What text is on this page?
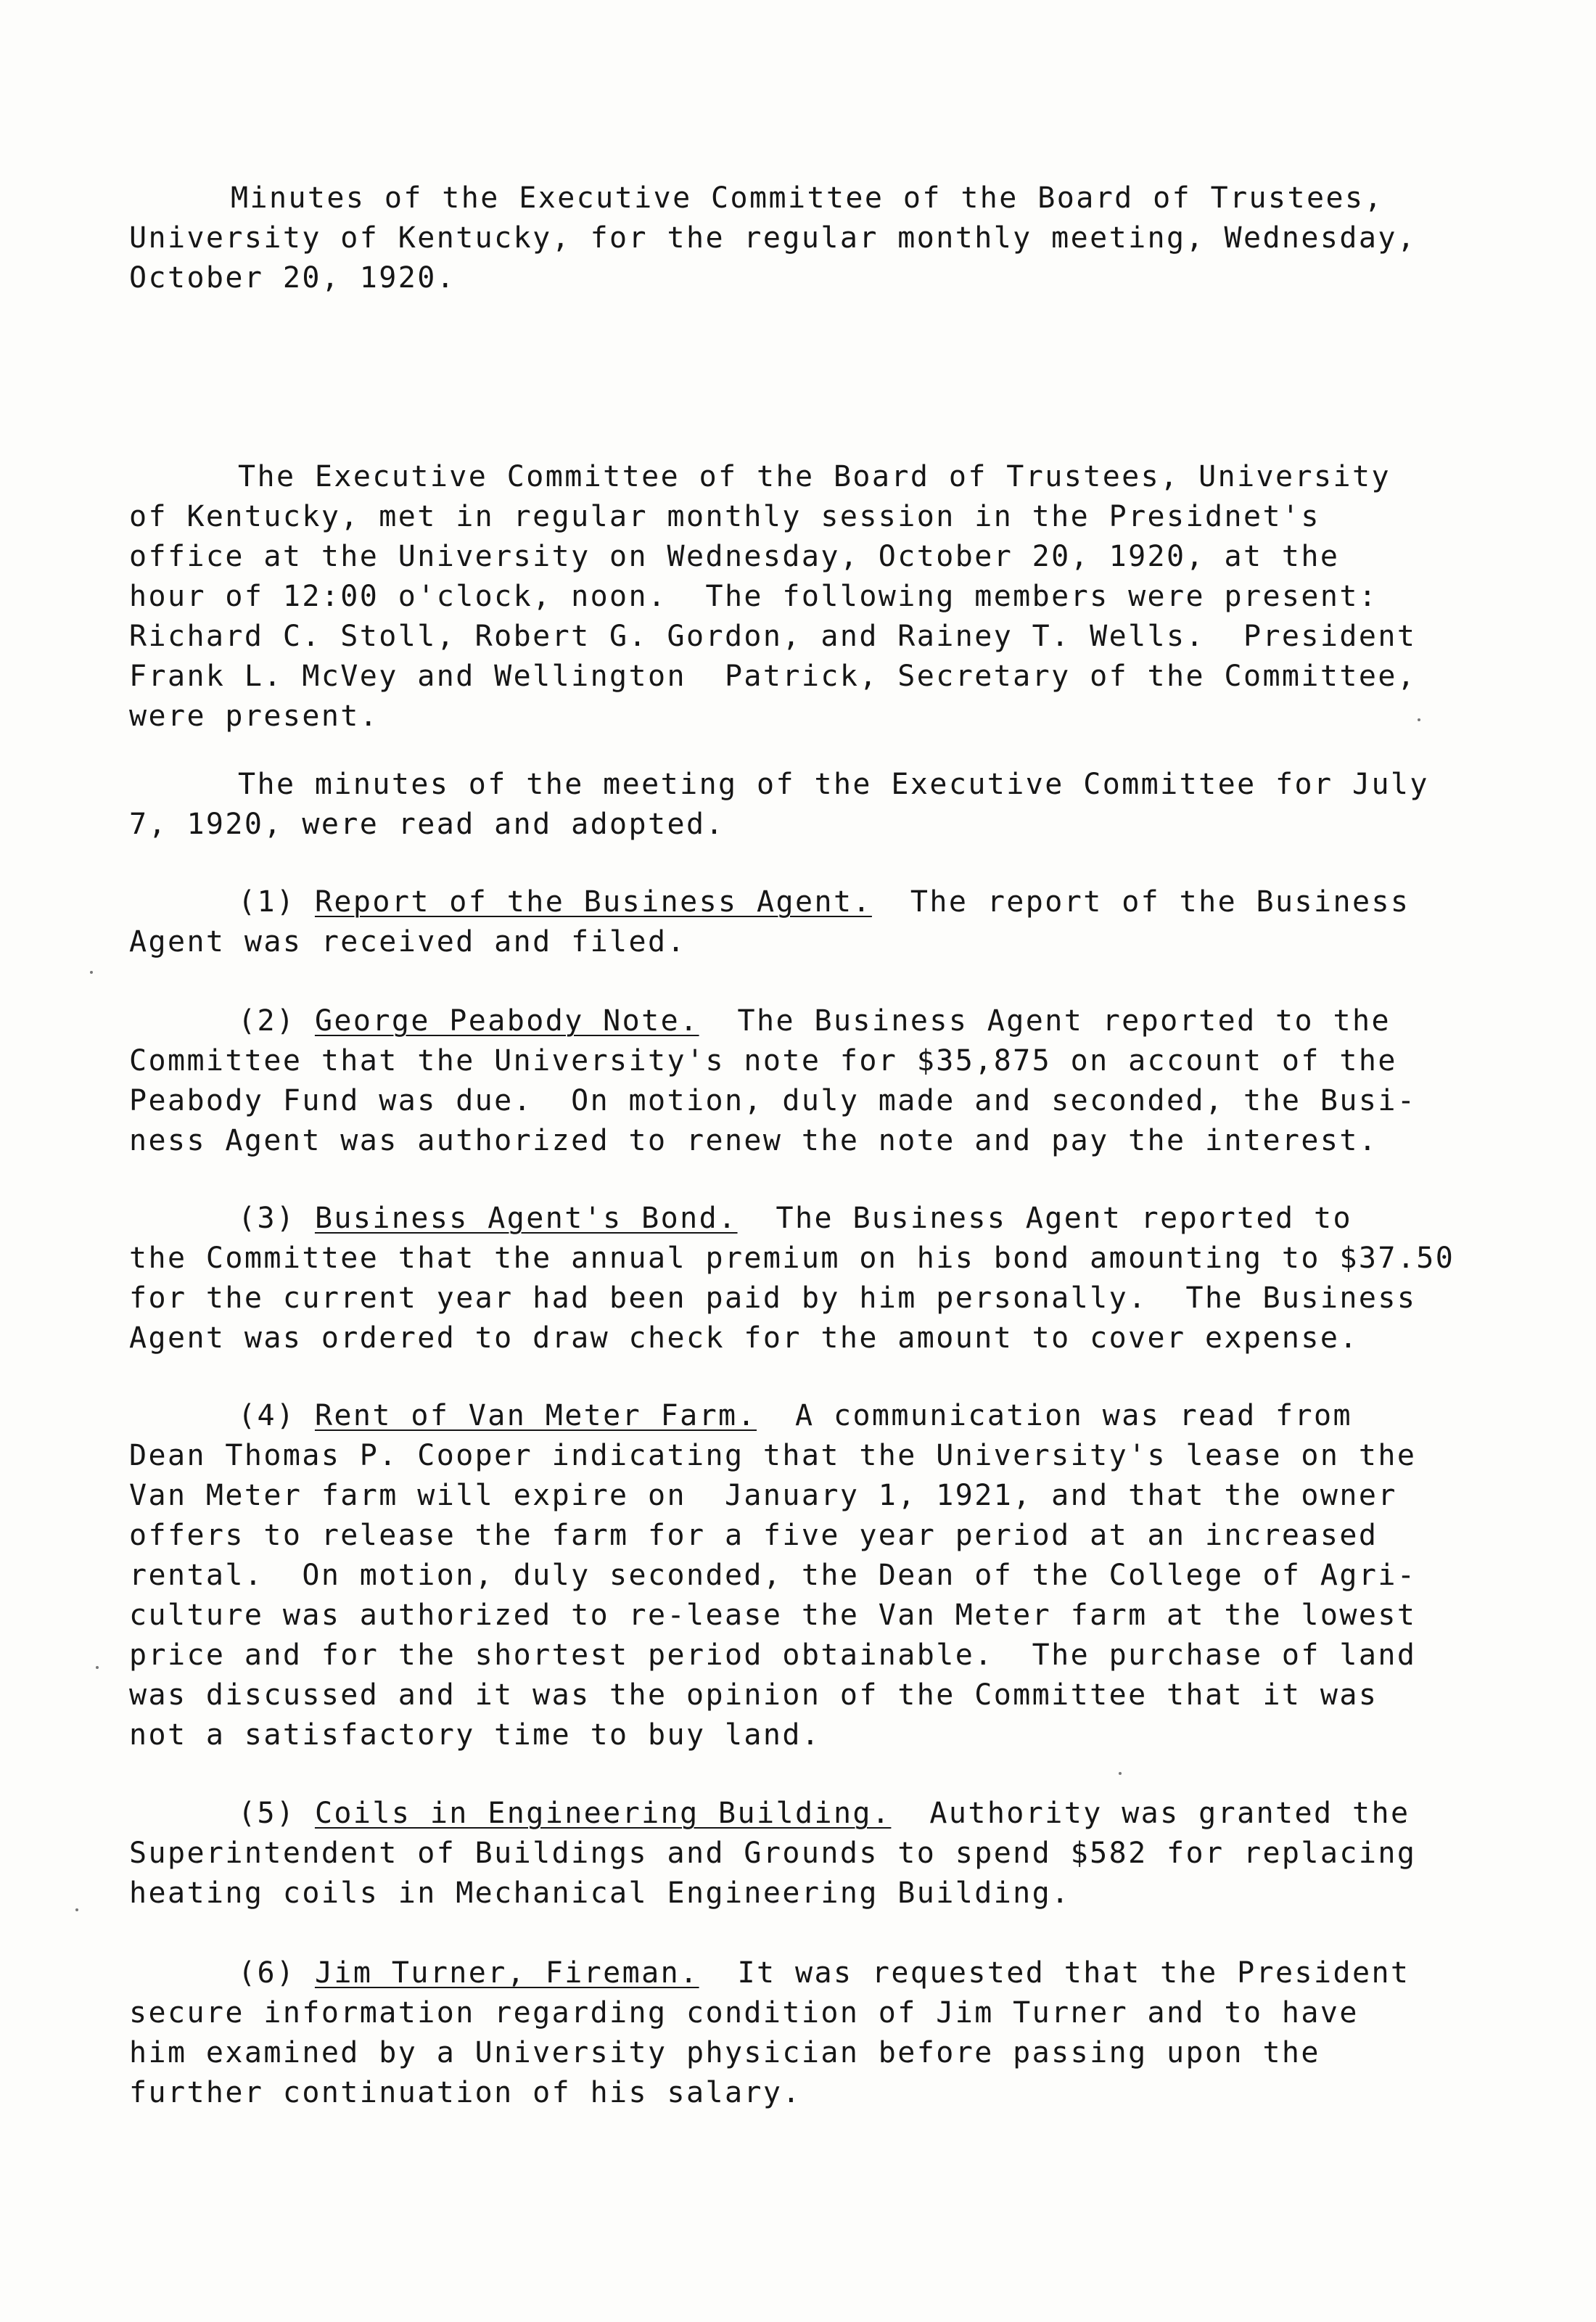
Minutes of the Executive Committee of the Board of Trustees,
University of Kentucky, for the regular monthly meeting, Wednesday,
October 20, 1920.
The Executive Committee of the Board of Trustees, University
of Kentucky, met in regular monthly session in the Presidnet's
office at the University on Wednesday, October 20, 1920, at the
hour of 12:00 o'clock, noon.  The following members were present:
Richard C. Stoll, Robert G. Gordon, and Rainey T. Wells.  President
Frank L. McVey and Wellington  Patrick, Secretary of the Committee,
were present.
The minutes of the meeting of the Executive Committee for July
7, 1920, were read and adopted.
(1) Report of the Business Agent.  The report of the Business
Agent was received and filed.
(2) George Peabody Note.  The Business Agent reported to the
Committee that the University's note for $35,875 on account of the
Peabody Fund was due.  On motion, duly made and seconded, the Busi-
ness Agent was authorized to renew the note and pay the interest.
(3) Business Agent's Bond.  The Business Agent reported to
the Committee that the annual premium on his bond amounting to $37.50
for the current year had been paid by him personally.  The Business
Agent was ordered to draw check for the amount to cover expense.
(4) Rent of Van Meter Farm.  A communication was read from
Dean Thomas P. Cooper indicating that the University's lease on the
Van Meter farm will expire on  January 1, 1921, and that the owner
offers to release the farm for a five year period at an increased
rental.  On motion, duly seconded, the Dean of the College of Agri-
culture was authorized to re-lease the Van Meter farm at the lowest
price and for the shortest period obtainable.  The purchase of land
was discussed and it was the opinion of the Committee that it was
not a satisfactory time to buy land.
(5) Coils in Engineering Building.  Authority was granted the
Superintendent of Buildings and Grounds to spend $582 for replacing
heating coils in Mechanical Engineering Building.
(6) Jim Turner, Fireman.  It was requested that the President
secure information regarding condition of Jim Turner and to have
him examined by a University physician before passing upon the
further continuation of his salary.
